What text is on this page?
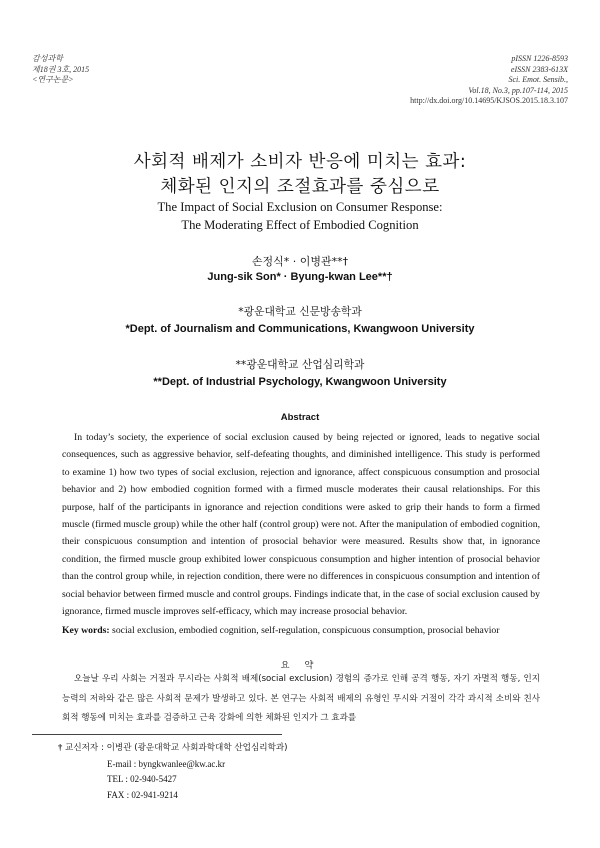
감성과학
제18권 3호, 2015
<연구논문>
pISSN 1226-8593
eISSN 2383-613X
Sci. Emot. Sensib.,
Vol.18, No.3, pp.107-114, 2015
http://dx.doi.org/10.14695/KJSOS.2015.18.3.107
사회적 배제가 소비자 반응에 미치는 효과:
체화된 인지의 조절효과를 중심으로
The Impact of Social Exclusion on Consumer Response:
The Moderating Effect of Embodied Cognition
손정식* · 이병관**†
Jung-sik Son* · Byung-kwan Lee**†
*광운대학교 신문방송학과
*Dept. of Journalism and Communications, Kwangwoon University
**광운대학교 산업심리학과
**Dept. of Industrial Psychology, Kwangwoon University
Abstract

In today’s society, the experience of social exclusion caused by being rejected or ignored, leads to negative social consequences, such as aggressive behavior, self-defeating thoughts, and diminished intelligence. This study is performed to examine 1) how two types of social exclusion, rejection and ignorance, affect conspicuous consumption and prosocial behavior and 2) how embodied cognition formed with a firmed muscle moderates their causal relationships. For this purpose, half of the participants in ignorance and rejection conditions were asked to grip their hands to form a firmed muscle (firmed muscle group) while the other half (control group) were not. After the manipulation of embodied cognition, their conspicuous consumption and intention of prosocial behavior were measured. Results show that, in ignorance condition, the firmed muscle group exhibited lower conspicuous consumption and higher intention of prosocial behavior than the control group while, in rejection condition, there were no differences in conspicuous consumption and intention of social behavior between firmed muscle and control groups. Findings indicate that, in the case of social exclusion caused by ignorance, firmed muscle improves self-efficacy, which may increase prosocial behavior.

Key words: social exclusion, embodied cognition, self-regulation, conspicuous consumption, prosocial behavior

요 약

오늘날 우리 사회는 거절과 무시라는 사회적 배제(social exclusion) 경험의 증가로 인해 공격 행동, 자기 자멸적 행동, 인지 능력의 저하와 같은 많은 사회적 문제가 발생하고 있다. 본 연구는 사회적 배제의 유형인 무시와 거절이 각각 과시적 소비와 친사회적 행동에 미치는 효과를 검증하고 근육 강화에 의한 체화된 인지가 그 효과를

† 교신저자 : 이병관 (광운대학교 사회과학대학 산업심리학과)
E-mail : byngkwanlee@kw.ac.kr
TEL : 02-940-5427
FAX : 02-941-9214
